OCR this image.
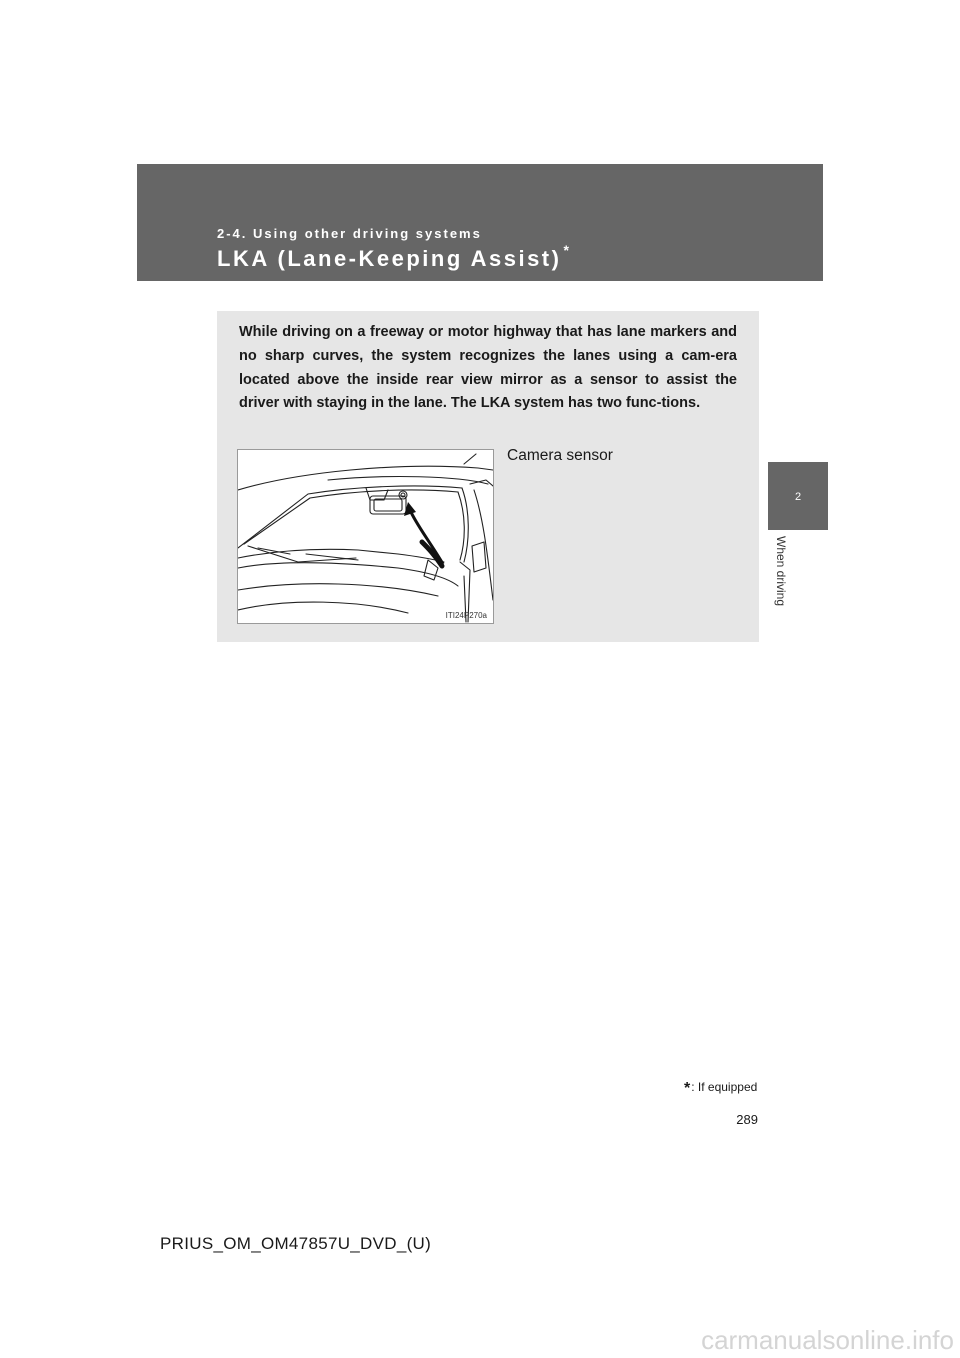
2-4. Using other driving systems
LKA (Lane-Keeping Assist) *
2
When driving
While driving on a freeway or motor highway that has lane markers and no sharp curves, the system recognizes the lanes using a cam-era located above the inside rear view mirror as a sensor to assist the driver with staying in the lane. The LKA system has two func-tions.
ITI24P270a
Camera sensor
*: If equipped
289
PRIUS_OM_OM47857U_DVD_(U)
carmanualsonline.info
